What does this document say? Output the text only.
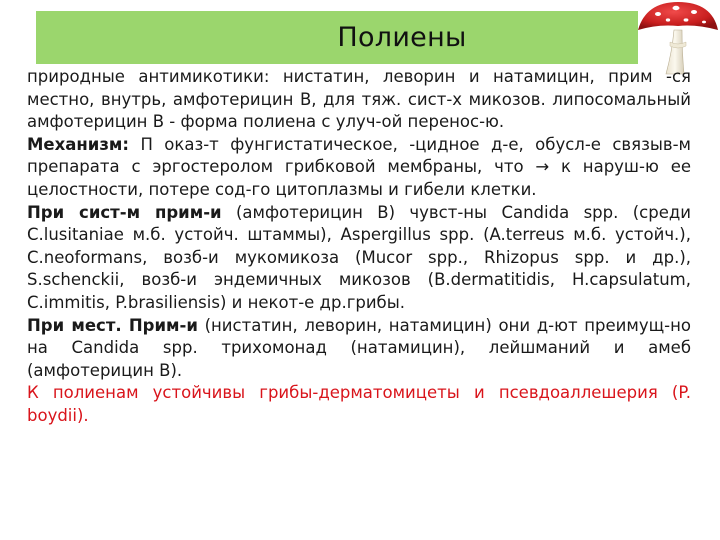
Полиены

природные антимикотики: нистатин, леворин и натамицин, прим -ся местно, внутрь, амфотерицин В, для тяж. сист-х микозов. липосомальный амфотерицин В - форма полиена с улуч-ой перенос-ю.

Механизм: П оказ-т фунгистатическое, -цидное д-е, обусл-е связыв-м препарата с эргостеролом грибковой мембраны, что → к наруш-ю ее целостности, потере сод-го цитоплазмы и гибели клетки.

При сист-м прим-и (амфотерицин В) чувст-ны Candida spp. (среди C.lusitaniae м.б. устойч. штаммы), Aspergillus spp. (A.terreus м.б. устойч.), C.neoformans, возб-и мукомикоза (Mucor spp., Rhizopus spp. и др.), S.schenckii, возб-и эндемичных микозов (B.dermatitidis, H.capsulatum, C.immitis, P.brasiliensis) и некот-е др.грибы.

При мест. Прим-и (нистатин, леворин, натамицин) они д-ют преимущ-но на Candida spp. трихомонад (натамицин), лейшманий и амеб (амфотерицин В).

К полиенам устойчивы грибы-дерматомицеты и псевдоаллешерия (P. boydii).
